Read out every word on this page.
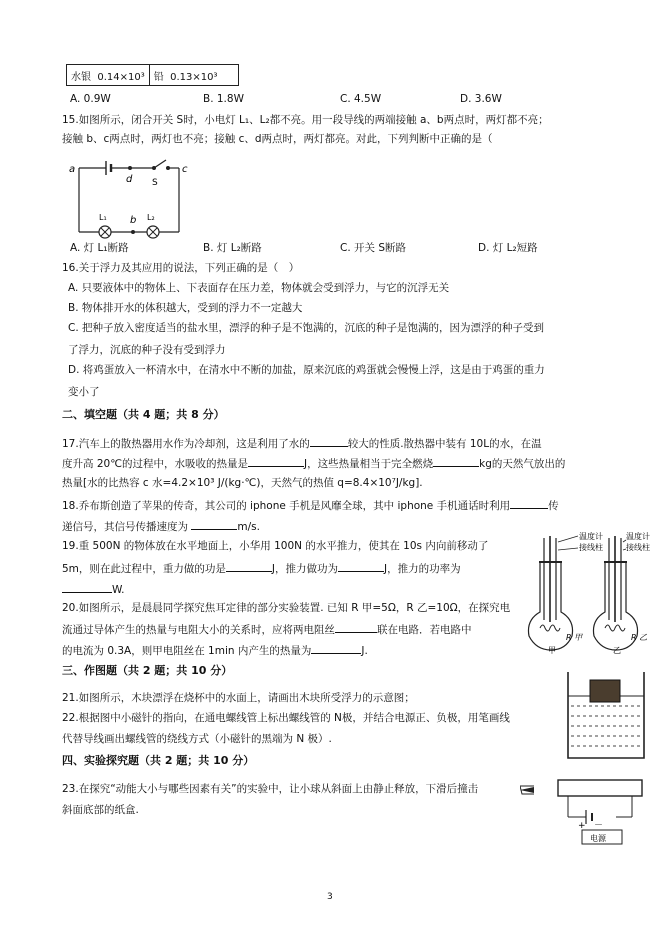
水银 0.14×10³	铅 0.13×10³
A. 0.9W	B. 1.8W	C. 4.5W	D. 3.6W
15.如图所示，闭合开关 S时，小电灯 L₁、L₂都不亮。用一段导线的两端接触 a、b两点时，两灯都不亮；
接触 b、c两点时，两灯也不亮；接触 c、d两点时，两灯都亮。对此，下列判断中正确的是（
a	c
d S
b
L₁	L₂
A. 灯 L₁断路	B. 灯 L₂断路	C. 开关 S断路	D. 灯 L₂短路
16.关于浮力及其应用的说法，下列正确的是（　）
A. 只要液体中的物体上、下表面存在压力差，物体就会受到浮力，与它的沉浮无关
B. 物体排开水的体积越大，受到的浮力不一定越大
C. 把种子放入密度适当的盐水里，漂浮的种子是不饱满的，沉底的种子是饱满的，因为漂浮的种子受到
了浮力，沉底的种子没有受到浮力
D. 将鸡蛋放入一杯清水中，在清水中不断的加盐，原来沉底的鸡蛋就会慢慢上浮，这是由于鸡蛋的重力
变小了
二、填空题（共 4 题；共 8 分）
17.汽车上的散热器用水作为冷却剂，这是利用了水的	较大的性质.散热器中装有 10L的水，在温
度升高 20℃的过程中，水吸收的热量是	J，这些热量相当于完全燃烧	kg的天然气放出的
热量[水的比热容 c 水=4.2×10³ J/(kg·℃)，天然气的热值 q=8.4×10⁷J/kg].
18.乔布斯创造了苹果的传奇，其公司的 iphone 手机是风靡全球，其中 iphone 手机通话时利用	传
递信号，其信号传播速度为	m/s.
19.重 500N 的物体放在水平地面上，小华用 100N 的水平推力，使其在 10s 内向前移动了
5m，则在此过程中，重力做的功是	J，推力做功为	J，推力的功率为
W.
20.如图所示，是晨晨同学探究焦耳定律的部分实验装置. 已知 R 甲=5Ω，R 乙=10Ω，在探究电
流通过导体产生的热量与电阻大小的关系时，应将两电阻丝	联在电路．若电路中
的电流为 0.3A，则甲电阻丝在 1min 内产生的热量为	J.
R 甲
甲
温度计
接线柱
R 乙
乙
温度计
接线柱
三、作图题（共 2 题；共 10 分）
21.如图所示，木块漂浮在烧杯中的水面上，请画出木块所受浮力的示意图；
22.根据图中小磁针的指向，在通电螺线管上标出螺线管的 N极，并结合电源正、负极，用笔画线
代替导线画出螺线管的绕线方式（小磁针的黑端为 N 极）.
四、实验探究题（共 2 题；共 10 分）
23.在探究“动能大小与哪些因素有关”的实验中，让小球从斜面上由静止释放，下滑后撞击
斜面底部的纸盒.
+ －
电源
3
